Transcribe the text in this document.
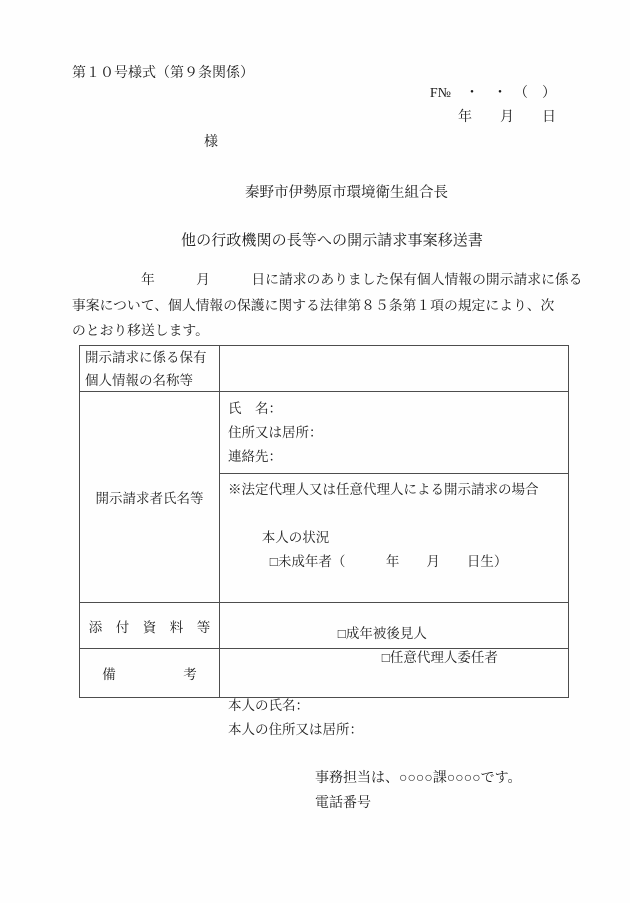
第１０号様式（第９条関係）
F№　・　・　（　）
年　　月　　日
様
秦野市伊勢原市環境衛生組合長
他の行政機関の長等への開示請求事案移送書
　　　　　年　　　月　　　日に請求のありました保有個人情報の開示請求に係る
事案について、個人情報の保護に関する法律第８５条第１項の規定により、次
のとおり移送します。
開示請求に係る保有個人情報の名称等
開示請求者氏名等
氏　名：
住所又は居所：
連絡先：
※法定代理人又は任意代理人による開示請求の場合

本人の状況
□未成年者（　　　年　　月　　日生）

□成年被後見人
□任意代理人委任者

本人の氏名：
本人の住所又は居所：
添　付　資　料　等
備　　　　　考
事務担当は、○○○○課○○○○です。
電話番号
